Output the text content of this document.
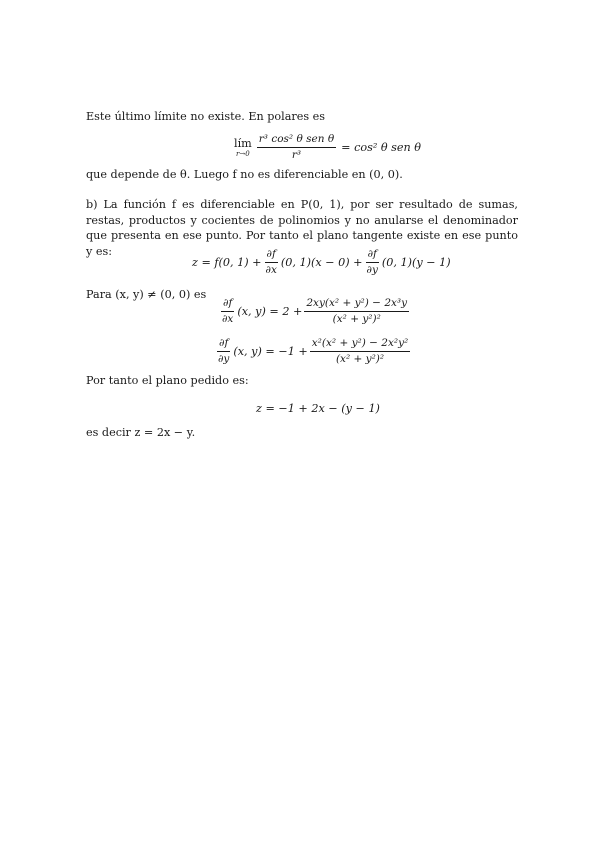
Este último límite no existe. En polares es
lím
$r\to 0 \frac{\text{r³ cos² θ sen θ}}{\text{r³}} = \cos^2$ θ sen θ
que depende de θ. Luego f no es diferenciable en (0, 0).
b) La función f es diferenciable en P(0, 1), por ser resultado de sumas, restas, productos y cocientes de polinomios y no anularse el denominador que presenta en ese punto. Por tanto el plano tangente existe en ese punto y es:
z = f(0, $1) + \frac{\partial f}{\partial x} (0$, $1)(x - 0) + \frac{\partial f}{\partial y} (0$, 1)(y − 1)
Para (x, y) ≠ (0, 0) es
$\frac{\partial f}{\partial x} (x$, $y) = 2 + \frac{\text{2xy(x² + y²) − 2x³y}}{\text{(x² + y²)²}}$
$\frac{\partial f}{\partial y} (x$, $y) = -1 + \frac{\text{x²(x² + y²) − 2x²y²}}{\text{(x² + y²)²}}$
Por tanto el plano pedido es:
z = −1 + 2x − (y − 1)
es decir z = 2x − y.
